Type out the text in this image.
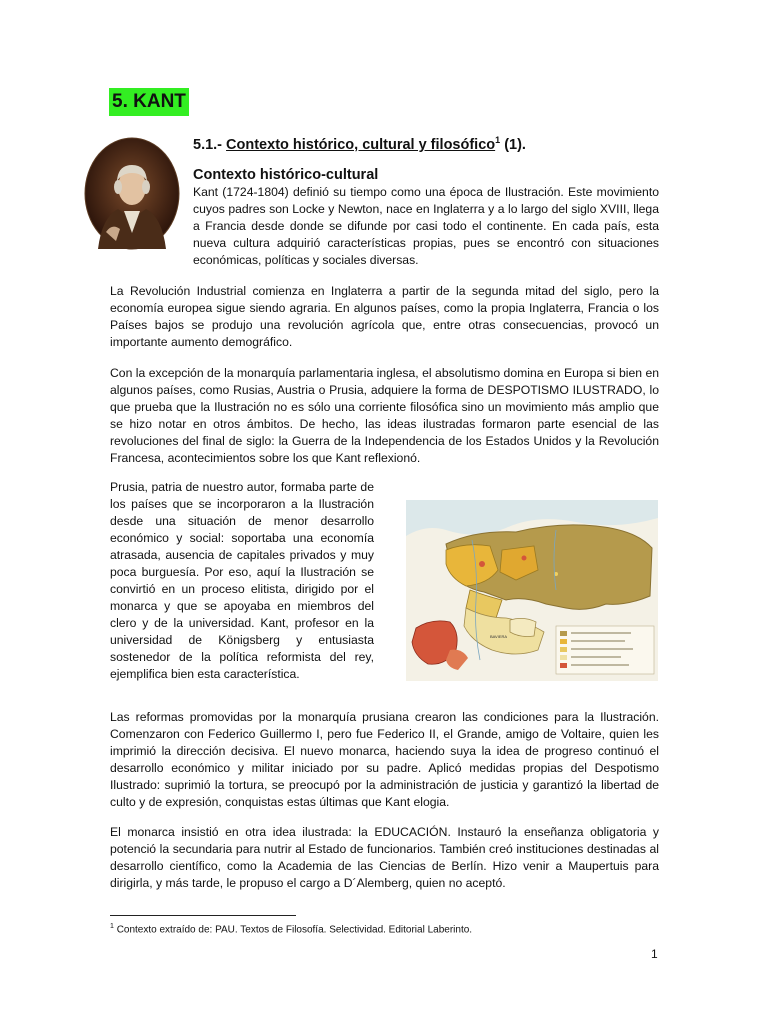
5. KANT
5.1.- Contexto histórico, cultural y filosófico$^1$ (1).
Contexto histórico-cultural

Kant (1724-1804) definió su tiempo como una época de Ilustración. Este movimiento cuyos padres son Locke y Newton, nace en Inglaterra y a lo largo del siglo XVIII, llega a Francia desde donde se difunde por casi todo el continente. En cada país, esta nueva cultura adquirió características propias, pues se encontró con situaciones económicas, políticas y sociales diversas.

La Revolución Industrial comienza en Inglaterra a partir de la segunda mitad del siglo, pero la economía europea sigue siendo agraria. En algunos países, como la propia Inglaterra, Francia o los Países bajos se produjo una revolución agrícola que, entre otras consecuencias, provocó un importante aumento demográfico.

Con la excepción de la monarquía parlamentaria inglesa, el absolutismo domina en Europa si bien en algunos países, como Rusias, Austria o Prusia, adquiere la forma de DESPOTISMO ILUSTRADO, lo que prueba que la Ilustración no es sólo una corriente filosófica sino un movimiento más amplio que se hizo notar en otros ámbitos. De hecho, las ideas ilustradas formaron parte esencial de las revoluciones del final de siglo: la Guerra de la Independencia de los Estados Unidos y la Revolución Francesa, acontecimientos sobre los que Kant reflexionó.

Prusia, patria de nuestro autor, formaba parte de los países que se incorporaron a la Ilustración desde una situación de menor desarrollo económico y social: soportaba una economía atrasada, ausencia de capitales privados y muy poca burguesía. Por eso, aquí la Ilustración se convirtió en un proceso elitista, dirigido por el monarca y que se apoyaba en miembros del clero y de la universidad. Kant, profesor en la universidad de Königsberg y entusiasta sostenedor de la política reformista del rey, ejemplifica bien esta característica.

BAVIERA

Las reformas promovidas por la monarquía prusiana crearon las condiciones para la Ilustración. Comenzaron con Federico Guillermo I, pero fue Federico II, el Grande, amigo de Voltaire, quien les imprimió la dirección decisiva. El nuevo monarca, haciendo suya la idea de progreso continuó el desarrollo económico y militar iniciado por su padre. Aplicó medidas propias del Despotismo Ilustrado: suprimió la tortura, se preocupó por la administración de justicia y garantizó la libertad de culto y de expresión, conquistas estas últimas que Kant elogia.

El monarca insistió en otra idea ilustrada: la EDUCACIÓN. Instauró la enseñanza obligatoria y potenció la secundaria para nutrir al Estado de funcionarios. También creó instituciones destinadas al desarrollo científico, como la Academia de las Ciencias de Berlín. Hizo venir a Maupertuis para dirigirla, y más tarde, le propuso el cargo a D´Alemberg, quien no aceptó.

$^1$ Contexto extraído de: PAU. Textos de Filosofía. Selectividad. Editorial Laberinto.
1
